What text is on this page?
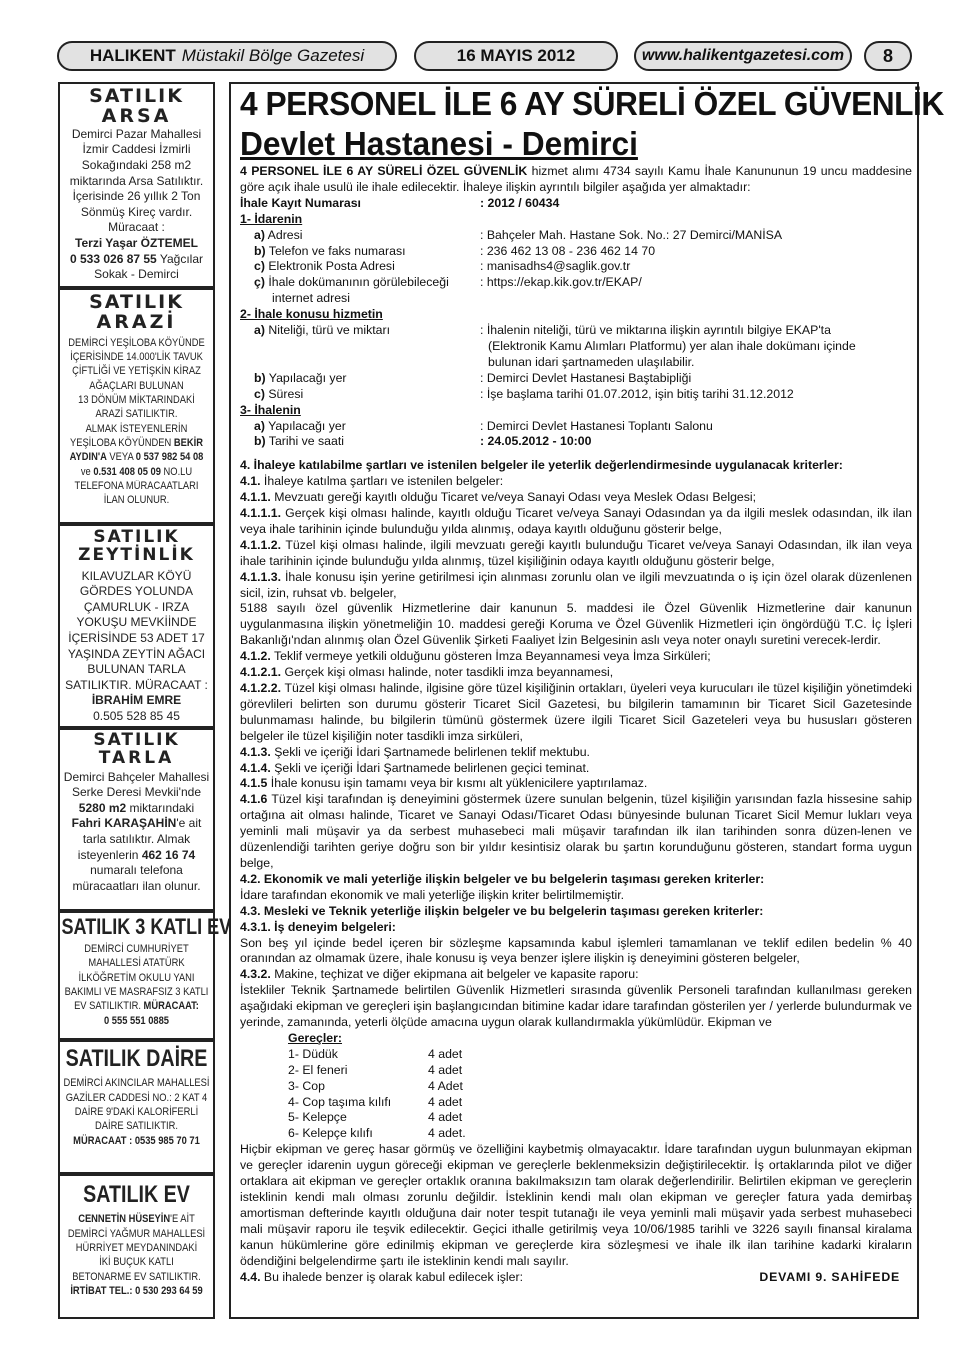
HALIKENT Müstakil Bölge Gazetesi	16 MAYIS 2012	www.halikentgazetesi.com	8
SATILIK
ARSA
Demirci Pazar Mahallesi
İzmir Caddesi İzmirli
Sokağındaki 258 m2
miktarında Arsa Satılıktır.
İçerisinde 26 yıllık 2 Ton
Sönmüş Kireç vardır.
Müracaat :
Terzi Yaşar ÖZTEMEL
0 533 026 87 55 Yağcılar
Sokak - Demirci
SATILIK
ARAZİ
DEMİRCİ YEŞİLOBA KÖYÜNDE
İÇERİSİNDE 14.000'LİK TAVUK
ÇİFTLİĞİ VE YETİŞKİN KİRAZ
AĞAÇLARI BULUNAN
13 DÖNÜM MİKTARINDAKİ
ARAZİ SATILIKTIR.
ALMAK İSTEYENLERİN
YEŞİLOBA KÖYÜNDEN BEKİR
AYDIN'A VEYA 0 537 982 54 08
ve 0.531 408 05 09 NO.LU
TELEFONA MÜRACAATLARI
İLAN OLUNUR.
SATILIK
ZEYTİNLİK
KILAVUZLAR KÖYÜ
GÖRDES YOLUNDA
ÇAMURLUK - IRZA
YOKUŞU MEVKİİNDE
İÇERİSİNDE 53 ADET 17
YAŞINDA ZEYTİN AĞACI
BULUNAN TARLA
SATILIKTIR. MÜRACAAT :
İBRAHİM EMRE
0.505 528 85 45
SATILIK
TARLA
Demirci Bahçeler Mahallesi
Serke Deresi Mevkii'nde
5280 m2 miktarındaki
Fahri KARAŞAHİN'e ait
tarla satılıktır. Almak
isteyenlerin 462 16 74
numaralı telefona
müracaatları ilan olunur.
SATILIK 3 KATLI EV
DEMİRCİ CUMHURİYET
MAHALLESİ ATATÜRK
İLKÖĞRETİM OKULU YANI
BAKIMLI VE MASRAFSIZ 3 KATLI
EV SATILIKTIR. MÜRACAAT:
0 555 551 0885
SATILIK DAİRE
DEMİRCİ AKINCILAR MAHALLESİ
GAZİLER CADDESİ NO.: 2 KAT 4
DAİRE 9'DAKİ KALORİFERLİ
DAİRE SATILIKTIR.
MÜRACAAT : 0535 985 70 71
SATILIK EV
CENNETİN HÜSEYİN'E AİT
DEMİRCİ YAĞMUR MAHALLESİ
HÜRRİYET MEYDANINDAKİ
İKİ BUÇUK KATLI
BETONARME EV SATILIKTIR.
İRTİBAT TEL.: 0 530 293 64 59
4 PERSONEL İLE 6 AY SÜRELİ ÖZEL GÜVENLİK
Devlet Hastanesi - Demirci

4 PERSONEL İLE 6 AY SÜRELİ ÖZEL GÜVENLİK hizmet alımı 4734 sayılı Kamu İhale Kanununun 19 uncu maddesine göre açık ihale usulü ile ihale edilecektir. İhaleye ilişkin ayrıntılı bilgiler aşağıda yer almaktadır:

İhale Kayıt Numarası	: 2012 / 60434
1- İdarenin
a) Adresi	: Bahçeler Mah. Hastane Sok. No.: 27 Demirci/MANİSA
b) Telefon ve faks numarası	: 236 462 13 08 - 236 462 14 70
c) Elektronik Posta Adresi	: manisadhs4@saglik.gov.tr
ç) İhale dokümanının görülebileceği	: https://ekap.kik.gov.tr/EKAP/
internet adresi
2- İhale konusu hizmetin
a) Niteliği, türü ve miktarı	: İhalenin niteliği, türü ve miktarına ilişkin ayrıntılı bilgiye EKAP'ta
(Elektronik Kamu Alımları Platformu) yer alan ihale dokümanı içinde
bulunan idari şartnameden ulaşılabilir.
b) Yapılacağı yer	: Demirci Devlet Hastanesi Baştabipliği
c) Süresi	: İşe başlama tarihi 01.07.2012, işin bitiş tarihi 31.12.2012
3- İhalenin
a) Yapılacağı yer	: Demirci Devlet Hastanesi Toplantı Salonu
b) Tarihi ve saati	: 24.05.2012 - 10:00

4. İhaleye katılabilme şartları ve istenilen belgeler ile yeterlik değerlendirmesinde uygulanacak kriterler:

4.1. İhaleye katılma şartları ve istenilen belgeler:

4.1.1. Mevzuatı gereği kayıtlı olduğu Ticaret ve/veya Sanayi Odası veya Meslek Odası Belgesi;

4.1.1.1. Gerçek kişi olması halinde, kayıtlı olduğu Ticaret ve/veya Sanayi Odasından ya da ilgili meslek odasından, ilk ilan veya ihale tarihinin içinde bulunduğu yılda alınmış, odaya kayıtlı olduğunu gösterir belge,

4.1.1.2. Tüzel kişi olması halinde, ilgili mevzuatı gereği kayıtlı bulunduğu Ticaret ve/veya Sanayi Odasından, ilk ilan veya ihale tarihinin içinde bulunduğu yılda alınmış, tüzel kişiliğinin odaya kayıtlı olduğunu gösterir belge,

4.1.1.3. İhale konusu işin yerine getirilmesi için alınması zorunlu olan ve ilgili mevzuatında o iş için özel olarak düzenlenen sicil, izin, ruhsat vb. belgeler,

5188 sayılı özel güvenlik Hizmetlerine dair kanunun 5. maddesi ile Özel Güvenlik Hizmetlerine dair kanunun uygulanmasına ilişkin yönetmeliğin 10. maddesi gereği Koruma ve Özel Güvenlik Hizmetleri için öngördüğü T.C. İç İşleri Bakanlığı'ndan alınmış olan Özel Güvenlik Şirketi Faaliyet İzin Belgesinin aslı veya noter onaylı suretini verecek-lerdir.

4.1.2. Teklif vermeye yetkili olduğunu gösteren İmza Beyannamesi veya İmza Sirküleri;

4.1.2.1. Gerçek kişi olması halinde, noter tasdikli imza beyannamesi,

4.1.2.2. Tüzel kişi olması halinde, ilgisine göre tüzel kişiliğinin ortakları, üyeleri veya kurucuları ile tüzel kişiliğin yönetimdeki görevlileri belirten son durumu gösterir Ticaret Sicil Gazetesi, bu bilgilerin tamamının bir Ticaret Sicil Gazetesinde bulunmaması halinde, bu bilgilerin tümünü göstermek üzere ilgili Ticaret Sicil Gazeteleri veya bu hususları gösteren belgeler ile tüzel kişiliğin noter tasdikli imza sirküleri,

4.1.3. Şekli ve içeriği İdari Şartnamede belirlenen teklif mektubu.

4.1.4. Şekli ve içeriği İdari Şartnamede belirlenen geçici teminat.

4.1.5 İhale konusu işin tamamı veya bir kısmı alt yüklenicilere yaptırılamaz.

4.1.6 Tüzel kişi tarafından iş deneyimini göstermek üzere sunulan belgenin, tüzel kişiliğin yarısından fazla hissesine sahip ortağına ait olması halinde, Ticaret ve Sanayi Odası/Ticaret Odası bünyesinde bulunan Ticaret Sicil Memur lukları veya yeminli mali müşavir ya da serbest muhasebeci mali müşavir tarafından ilk ilan tarihinden sonra düzen-lenen ve düzenlendiği tarihten geriye doğru son bir yıldır kesintisiz olarak bu şartın korunduğunu gösteren, standart forma uygun belge,

4.2. Ekonomik ve mali yeterliğe ilişkin belgeler ve bu belgelerin taşıması gereken kriterler:

İdare tarafından ekonomik ve mali yeterliğe ilişkin kriter belirtilmemiştir.

4.3. Mesleki ve Teknik yeterliğe ilişkin belgeler ve bu belgelerin taşıması gereken kriterler:

4.3.1. İş deneyim belgeleri:

Son beş yıl içinde bedel içeren bir sözleşme kapsamında kabul işlemleri tamamlanan ve teklif edilen bedelin % 40 oranından az olmamak üzere, ihale konusu iş veya benzer işlere ilişkin iş deneyimini gösteren belgeler,

4.3.2. Makine, teçhizat ve diğer ekipmana ait belgeler ve kapasite raporu:

İstekliler Teknik Şartnamede belirtilen Güvenlik Hizmetleri sırasında güvenlik Personeli tarafından kullanılması gereken aşağıdaki ekipman ve gereçleri işin başlangıcından bitimine kadar idare tarafından gösterilen yer / yerlerde bulundurmak ve yerinde, zamanında, yeterli ölçüde amacına uygun olarak kullandırmakla yükümlüdür. Ekipman ve

Gereçler:
1- Düdük	4 adet
2- El feneri	4 adet
3- Cop	4 Adet
4- Cop taşıma kılıfı	4 adet
5- Kelepçe	4 adet
6- Kelepçe kılıfı	4 adet.

Hiçbir ekipman ve gereç hasar görmüş ve özelliğini kaybetmiş olmayacaktır. İdare tarafından uygun bulunmayan ekipman ve gereçler idarenin uygun göreceği ekipman ve gereçlerle beklenmeksizin değiştirilecektir. İş ortaklarında pilot ve diğer ortaklara ait ekipman ve gereçler ortaklık oranına bakılmaksızın tam olarak değerlendirilir. Belirtilen ekipman ve gereçlerin isteklinin kendi malı olması zorunlu değildir. İsteklinin kendi malı olan ekipman ve gereçler fatura yada demirbaş amortisman defterinde kayıtlı olduğuna dair noter tespit tutanağı ile veya yeminli mali müşavir yada serbest muhasebeci mali müşavir raporu ile teşvik edilecektir. Geçici ithalle getirilmiş veya 10/06/1985 tarihli ve 3226 sayılı finansal kiralama kanun hükümlerine göre edinilmiş ekipman ve gereçlerde kira sözleşmesi ve ihale ilk ilan tarihine kadarki kiraların ödendiğini belgelendirme şartı ile isteklinin kendi malı sayılır.

4.4. Bu ihalede benzer iş olarak kabul edilecek işler:	DEVAMI 9. SAHİFEDE
